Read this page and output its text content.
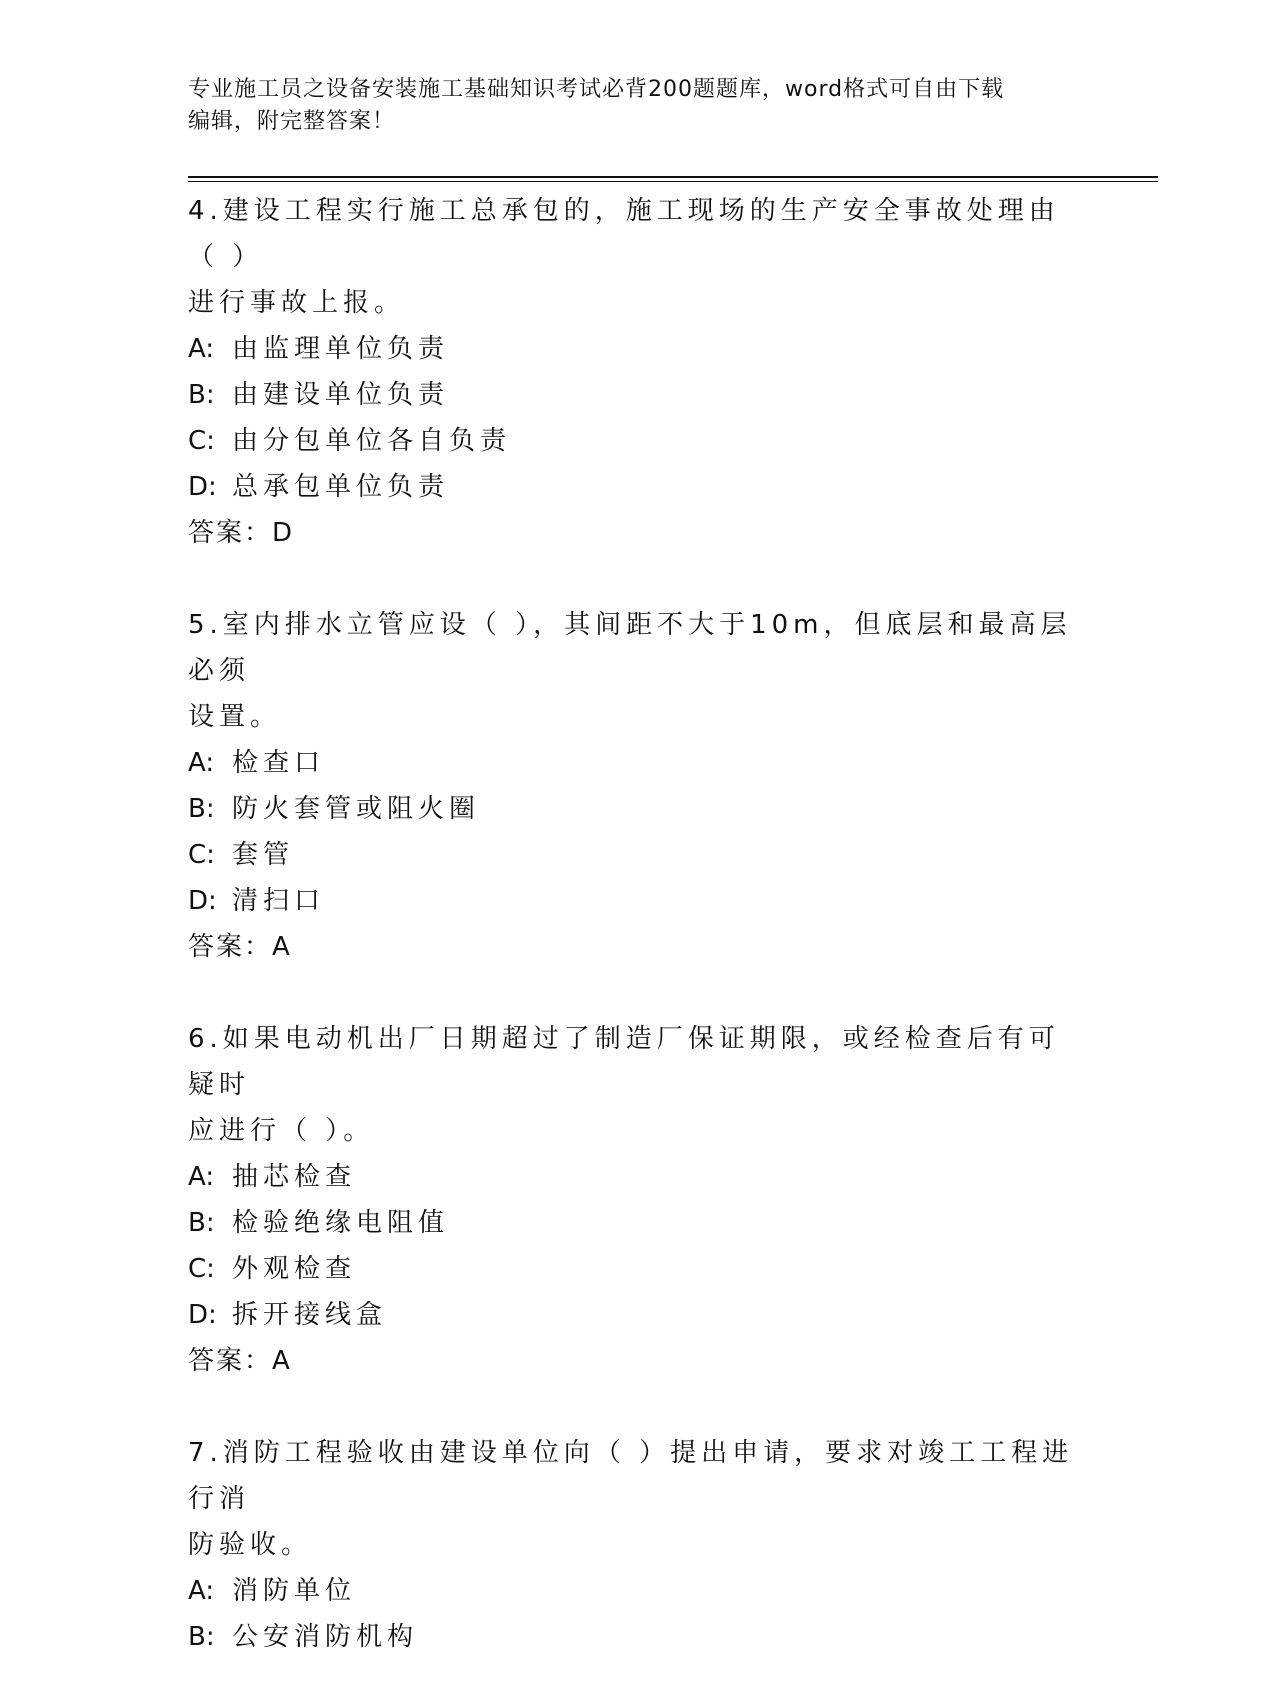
专业施工员之设备安装施工基础知识考试必背200题题库，word格式可自由下载
编辑，附完整答案！
4.建设工程实行施工总承包的，施工现场的生产安全事故处理由（ ）
进行事故上报。
A: 由监理单位负责
B: 由建设单位负责
C: 由分包单位各自负责
D: 总承包单位负责
答案：D
5.室内排水立管应设（ ），其间距不大于10m，但底层和最高层必须
设置。
A: 检查口
B: 防火套管或阻火圈
C: 套管
D: 清扫口
答案：A
6.如果电动机出厂日期超过了制造厂保证期限，或经检查后有可疑时
应进行（ ）。
A: 抽芯检查
B: 检验绝缘电阻值
C: 外观检查
D: 拆开接线盒
答案：A
7.消防工程验收由建设单位向（ ）提出申请，要求对竣工工程进行消
防验收。
A: 消防单位
B: 公安消防机构
